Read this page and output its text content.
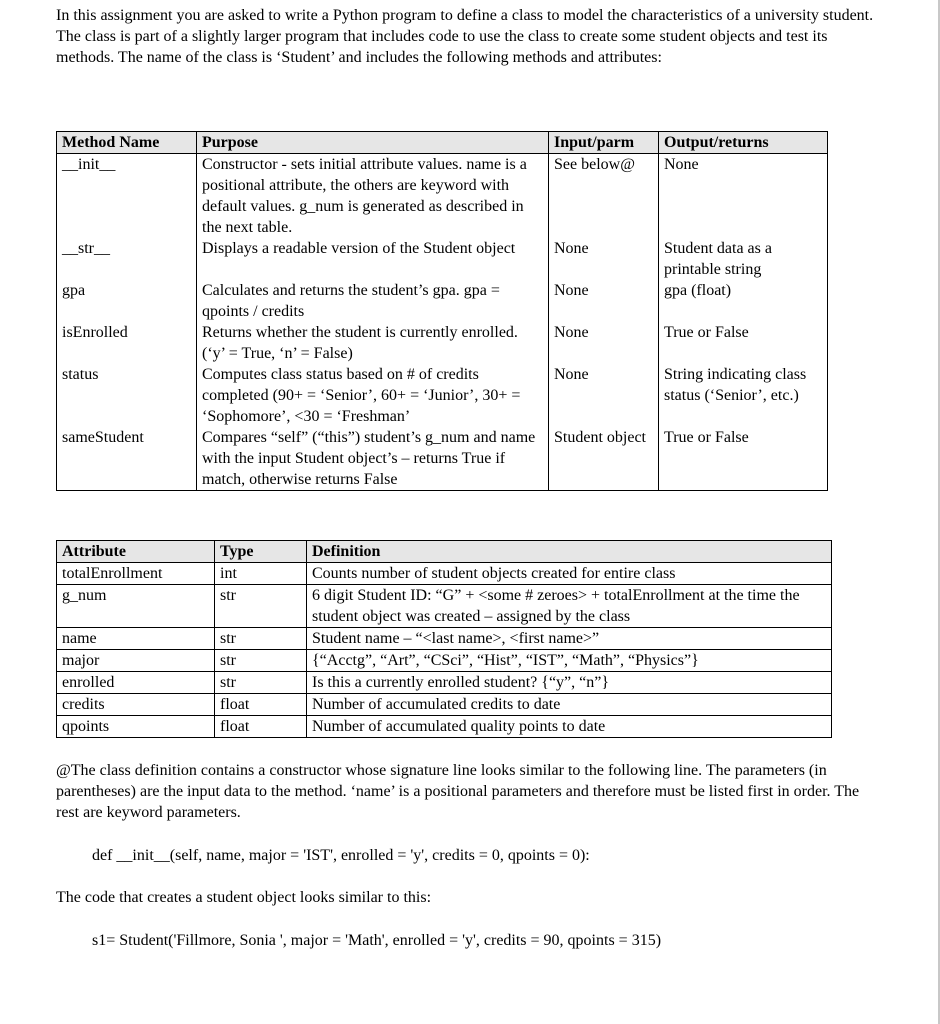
In this assignment you are asked to write a Python program to define a class to model the characteristics of a university student. The class is part of a slightly larger program that includes code to use the class to create some student objects and test its methods. The name of the class is ‘Student’ and includes the following methods and attributes:

Method Name	Purpose	Input/parm	Output/returns
__init__	Constructor - sets initial attribute values. name is a positional attribute, the others are keyword with default values. g_num is generated as described in the next table.	See below@	None
__str__	Displays a readable version of the Student object	None	Student data as a printable string
gpa	Calculates and returns the student’s gpa. gpa = qpoints / credits	None	gpa (float)
isEnrolled	Returns whether the student is currently enrolled. (‘y’ = True, ‘n’ = False)	None	True or False
status	Computes class status based on # of credits completed (90+ = ‘Senior’, 60+ = ‘Junior’, 30+ = ‘Sophomore’, <30 = ‘Freshman’	None	String indicating class status (‘Senior’, etc.)
sameStudent	Compares “self” (“this”) student’s g_num and name with the input Student object’s – returns True if match, otherwise returns False	Student object	True or False
Attribute	Type	Definition
totalEnrollment	int	Counts number of student objects created for entire class
g_num	str	6 digit Student ID: “G” + <some # zeroes> + totalEnrollment at the time the student object was created – assigned by the class
name	str	Student name – “<last name>, <first name>”
major	str	{“Acctg”, “Art”, “CSci”, “Hist”, “IST”, “Math”, “Physics”}
enrolled	str	Is this a currently enrolled student? {“y”, “n”}
credits	float	Number of accumulated credits to date
qpoints	float	Number of accumulated quality points to date

@The class definition contains a constructor whose signature line looks similar to the following line. The parameters (in parentheses) are the input data to the method. ‘name’ is a positional parameters and therefore must be listed first in order. The rest are keyword parameters.

def __init__(self, name, major = 'IST', enrolled = 'y', credits = 0, qpoints = 0):

The code that creates a student object looks similar to this:

s1= Student('Fillmore, Sonia ', major = 'Math', enrolled = 'y', credits = 90, qpoints = 315)
